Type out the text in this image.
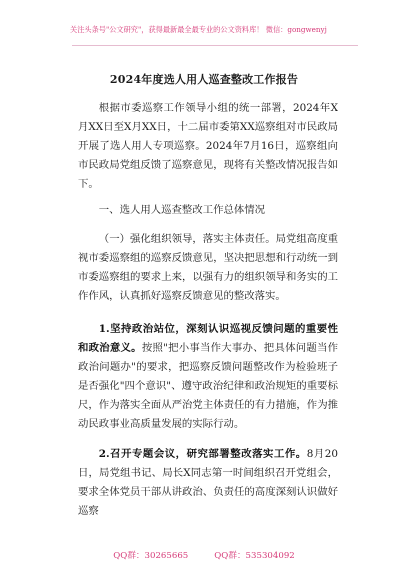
关注头条号"公文研究"，获得最新最全最专业的公文资料库！ 微信：gongwenyj
2024年度选人用人巡查整改工作报告

根据市委巡察工作领导小组的统一部署，2024年X月XX日至X月XX日，十二届市委第XX巡察组对市民政局开展了选人用人专项巡察。2024年7月16日，巡察组向市民政局党组反馈了巡察意见，现将有关整改情况报告如下。

一、选人用人巡查整改工作总体情况

（一）强化组织领导，落实主体责任。局党组高度重视市委巡察组的巡察反馈意见，坚决把思想和行动统一到市委巡察组的要求上来，以强有力的组织领导和务实的工作作风，认真抓好巡察反馈意见的整改落实。

1.坚持政治站位，深刻认识巡视反馈问题的重要性和政治意义。按照"把小事当作大事办、把具体问题当作政治问题办"的要求，把巡察反馈问题整改作为检验班子是否强化"四个意识"、遵守政治纪律和政治规矩的重要标尺，作为落实全面从严治党主体责任的有力措施，作为推动民政事业高质量发展的实际行动。

2.召开专题会议，研究部署整改落实工作。8月20日，局党组书记、局长X同志第一时间组织召开党组会，要求全体党员干部从讲政治、负责任的高度深刻认识做好巡察

QQ群：30265665	QQ群：535304092
